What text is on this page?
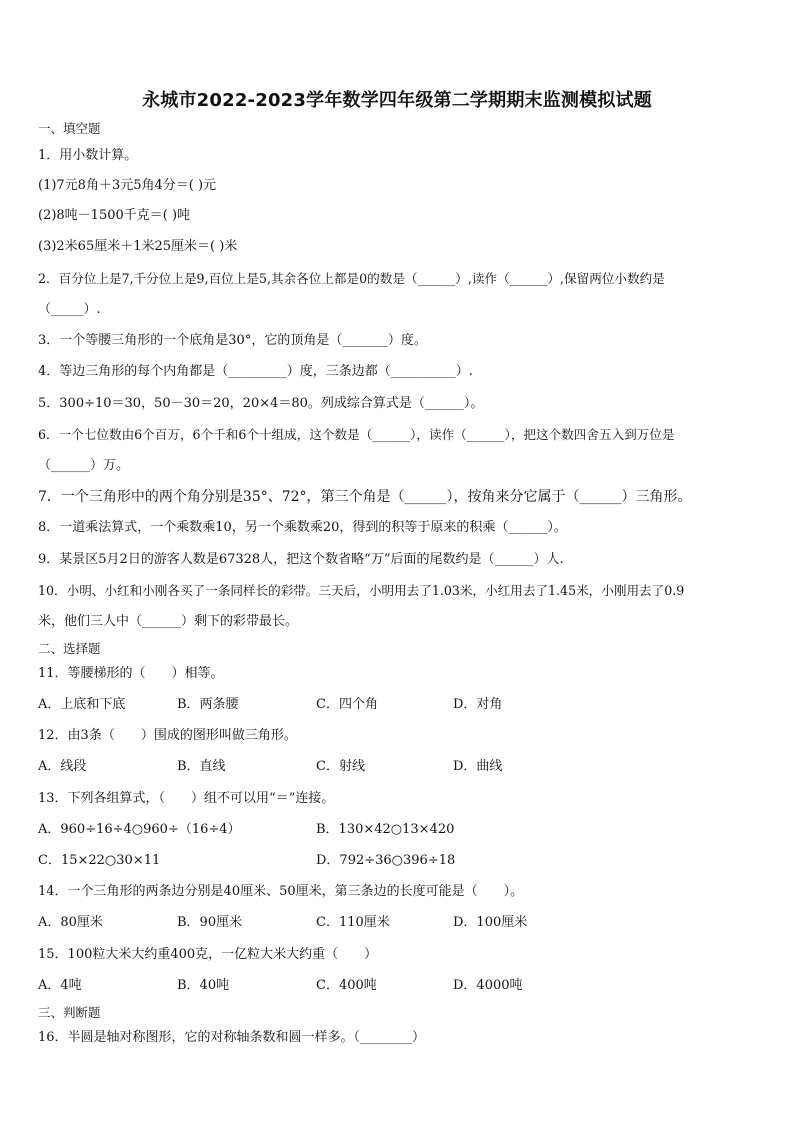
永城市2022-2023学年数学四年级第二学期期末监测模拟试题
一、填空题
1．用小数计算。
(1)7元8角＋3元5角4分＝( )元
(2)8吨－1500千克＝( )吨
(3)2米65厘米＋1米25厘米＝( )米
2．百分位上是7,千分位上是9,百位上是5,其余各位上都是0的数是（______）,读作（______）,保留两位小数约是
（_____）.
3．一个等腰三角形的一个底角是30°，它的顶角是（_______）度。
4．等边三角形的每个内角都是（_________）度，三条边都（__________）.
5．300÷10＝30，50－30＝20，20×4＝80。列成综合算式是（______）。
6．一个七位数由6个百万，6个千和6个十组成，这个数是（______），读作（______），把这个数四舍五入到万位是
（______）万。
7．一个三角形中的两个角分别是35°、72°，第三个角是（______），按角来分它属于（______）三角形。
8．一道乘法算式，一个乘数乘10，另一个乘数乘20，得到的积等于原来的积乘（______）。
9．某景区5月2日的游客人数是67328人，把这个数省略“万”后面的尾数约是（______）人.
10．小明、小红和小刚各买了一条同样长的彩带。三天后，小明用去了1.03米，小红用去了1.45米，小刚用去了0.9
米，他们三人中（______）剩下的彩带最长。
二、选择题
11．等腰梯形的（　　）相等。
A．上底和下底	B．两条腰	C．四个角	D．对角
12．由3条（　　）围成的图形叫做三角形。
A．线段	B．直线	C．射线	D．曲线
13．下列各组算式，（　　）组不可以用“＝”连接。
A．960÷16÷4○960÷（16÷4）	B．130×42○13×420
C．15×22○30×11	D．792÷36○396÷18
14．一个三角形的两条边分别是40厘米、50厘米，第三条边的长度可能是（　　）。
A．80厘米	B．90厘米	C．110厘米	D．100厘米
15．100粒大米大约重400克，一亿粒大米大约重（　　）
A．4吨	B．40吨	C．400吨	D．4000吨
三、判断题
16．半圆是轴对称图形，它的对称轴条数和圆一样多。（________）
